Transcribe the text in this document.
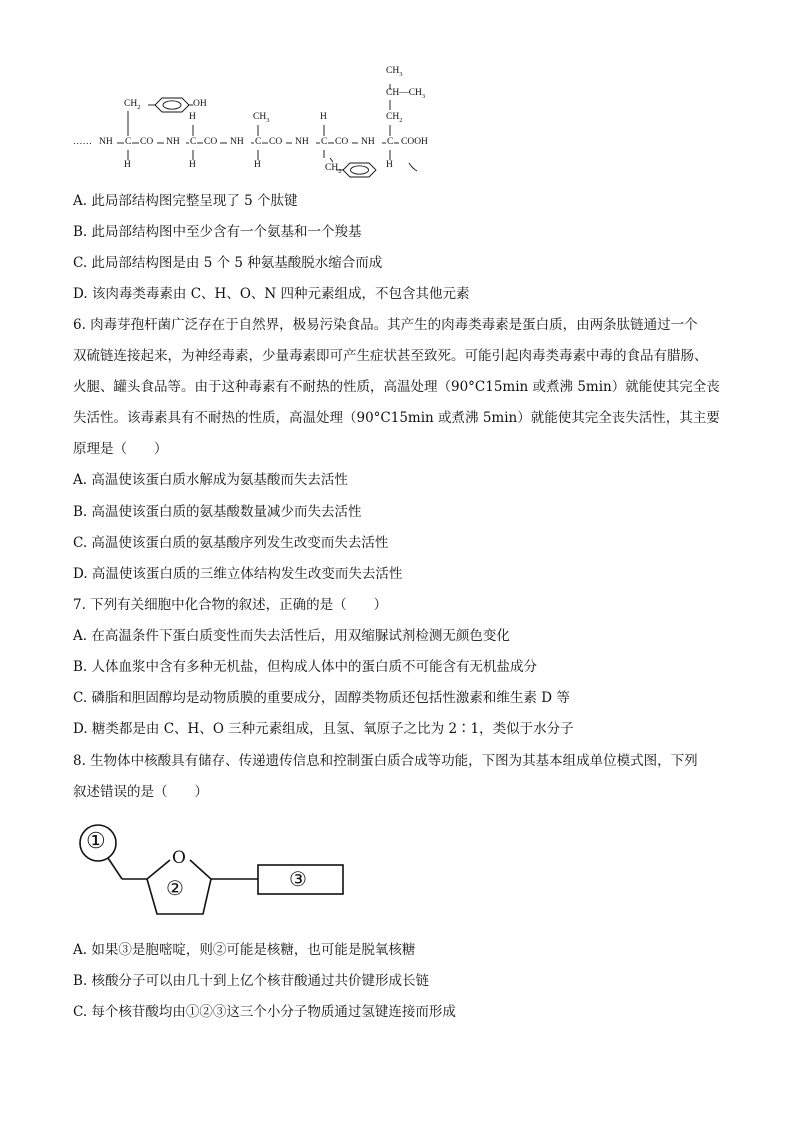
…… NH C CO NH C CO NH C CO NH C CO NH C COOH
H	H	H	H
H	H
$CH_2$	OH
$CH_3$
$CH_2$
$CH_3$
$CH—CH_3$
$CH_2$
A. 此局部结构图完整呈现了 5 个肽键
B. 此局部结构图中至少含有一个氨基和一个羧基
C. 此局部结构图是由 5 个 5 种氨基酸脱水缩合而成
D. 该肉毒类毒素由 C、H、O、N 四种元素组成，不包含其他元素
6. 肉毒芽孢杆菌广泛存在于自然界，极易污染食品。其产生的肉毒类毒素是蛋白质，由两条肽链通过一个
双硫链连接起来，为神经毒素，少量毒素即可产生症状甚至致死。可能引起肉毒类毒素中毒的食品有腊肠、
火腿、罐头食品等。由于这种毒素有不耐热的性质，高温处理（90°C15min 或煮沸 5min）就能使其完全丧
失活性。该毒素具有不耐热的性质，高温处理（90°C15min 或煮沸 5min）就能使其完全丧失活性，其主要
原理是（　　）
A. 高温使该蛋白质水解成为氨基酸而失去活性
B. 高温使该蛋白质的氨基酸数量减少而失去活性
C. 高温使该蛋白质的氨基酸序列发生改变而失去活性
D. 高温使该蛋白质的三维立体结构发生改变而失去活性
7. 下列有关细胞中化合物的叙述，正确的是（　　）
A. 在高温条件下蛋白质变性而失去活性后，用双缩脲试剂检测无颜色变化
B. 人体血浆中含有多种无机盐，但构成人体中的蛋白质不可能含有无机盐成分
C. 磷脂和胆固醇均是动物质膜的重要成分，固醇类物质还包括性激素和维生素 D 等
D. 糖类都是由 C、H、O 三种元素组成，且氢、氧原子之比为 2∶1，类似于水分子
8. 生物体中核酸具有储存、传递遗传信息和控制蛋白质合成等功能，下图为其基本组成单位模式图，下列
叙述错误的是（　　）
①
O
②	③
A. 如果③是胞嘧啶，则②可能是核糖，也可能是脱氧核糖
B. 核酸分子可以由几十到上亿个核苷酸通过共价键形成长链
C. 每个核苷酸均由①②③这三个小分子物质通过氢键连接而形成
